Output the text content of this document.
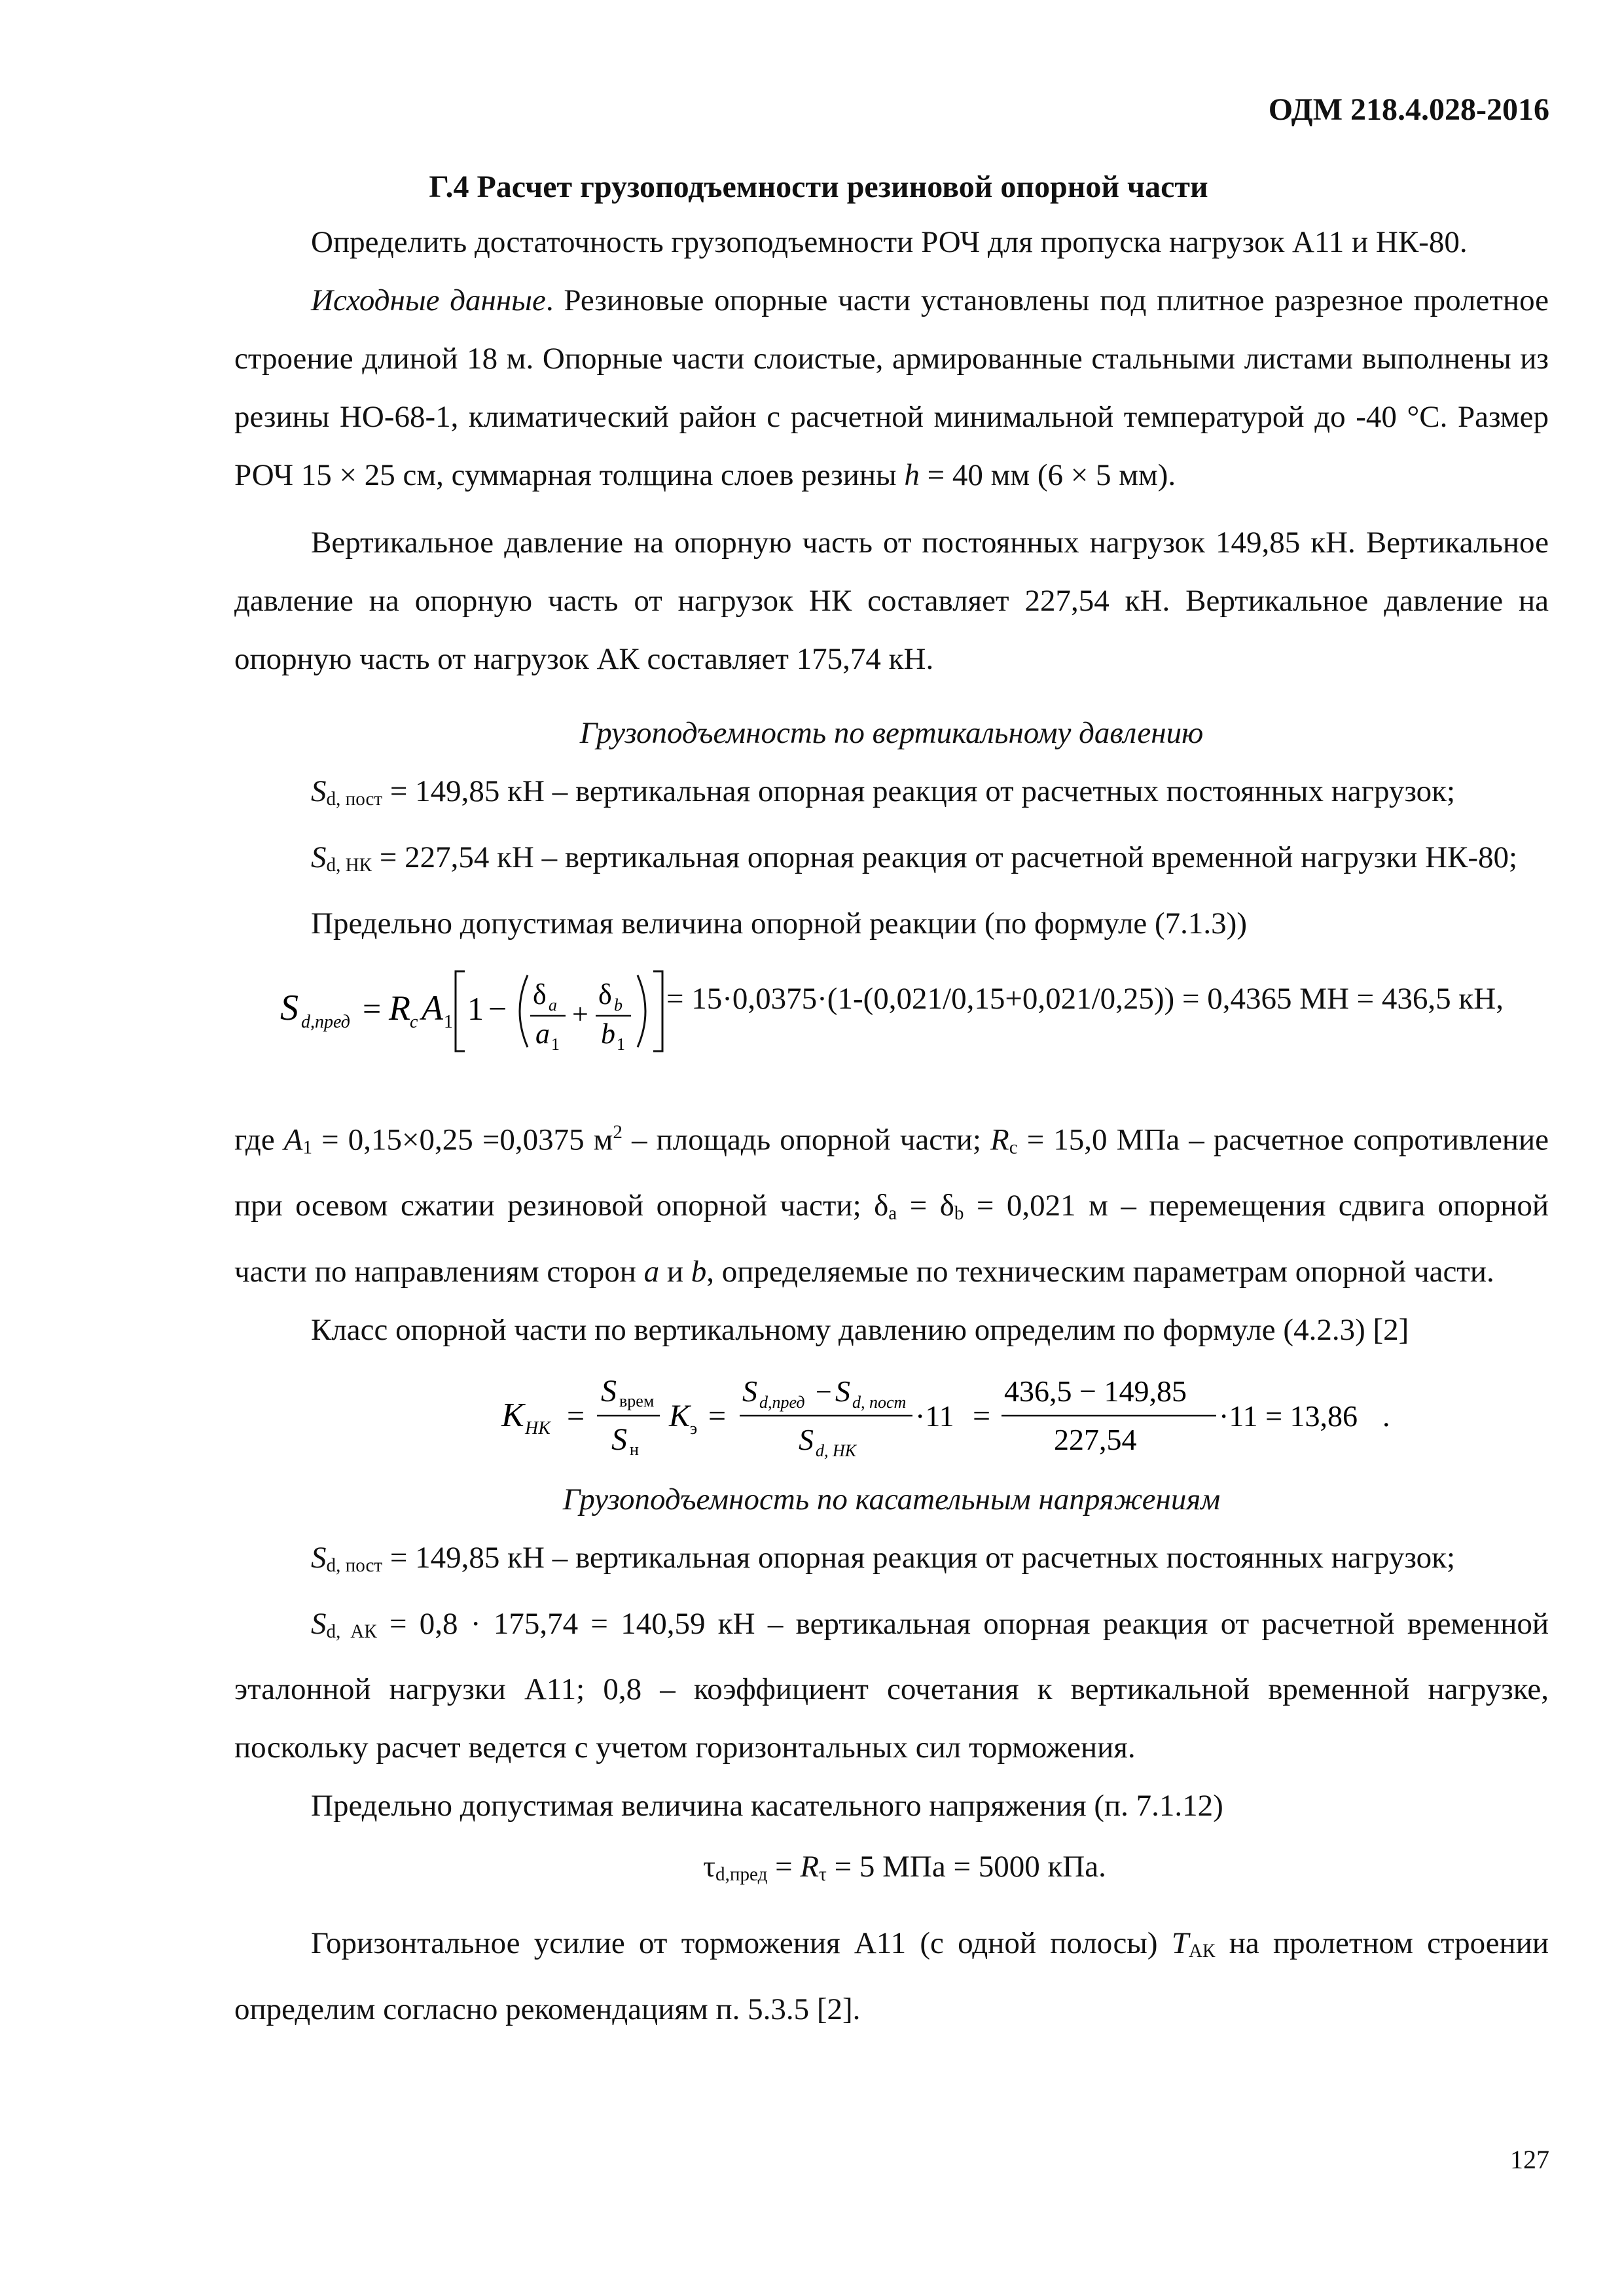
ОДМ 218.4.028-2016
Г.4 Расчет грузоподъемности резиновой опорной части

Определить достаточность грузоподъемности РОЧ для пропуска нагрузок А11 и НК-80.

Исходные данные. Резиновые опорные части установлены под плитное разрезное пролетное строение длиной 18 м. Опорные части слоистые, армированные стальными листами выполнены из резины НО-68-1, климатический район с расчетной минимальной температурой до -40 °С. Размер РОЧ 15 × 25 см, суммарная толщина слоев резины h = 40 мм (6 × 5 мм).

Вертикальное давление на опорную часть от постоянных нагрузок 149,85 кН. Вертикальное давление на опорную часть от нагрузок НК составляет 227,54 кН. Вертикальное давление на опорную часть от нагрузок АК составляет 175,74 кН.

Грузоподъемность по вертикальному давлению

Sd, пост = 149,85 кН – вертикальная опорная реакция от расчетных постоянных нагрузок;

Sd, НК = 227,54 кН – вертикальная опорная реакция от расчетной временной нагрузки НК-80;

Предельно допустимая величина опорной реакции (по формуле (7.1.3))

S d,пред = R c A 1 1 − δ a
a 1
+
δ b
b 1
= 15·0,0375·(1-(0,021/0,15+0,021/0,25)) = 0,4365 МН = 436,5 кН,

где A1 = 0,15×0,25 =0,0375 $м^2$ – площадь опорной части; Rc = 15,0 МПа – расчетное сопротивление при осевом сжатии резиновой опорной части; δa = δb = 0,021 м – перемещения сдвига опорной части по направлениям сторон a и b, определяемые по техническим параметрам опорной части.

Класс опорной части по вертикальному давлению определим по формуле (4.2.3) [2]

K НК =
S врем
S н
K э =
S d,пред − S d, пост
S d, НК
·11 =
436,5 − 149,85
227,54
·11 = 13,86 .

Грузоподъемность по касательным напряжениям

Sd, пост = 149,85 кН – вертикальная опорная реакция от расчетных постоянных нагрузок;

Sd, АК = 0,8 · 175,74 = 140,59 кН – вертикальная опорная реакция от расчетной временной эталонной нагрузки А11; 0,8 – коэффициент сочетания к вертикальной временной нагрузке, поскольку расчет ведется с учетом горизонтальных сил торможения.

Предельно допустимая величина касательного напряжения (п. 7.1.12)

τd,пред = Rτ = 5 МПа = 5000 кПа.

Горизонтальное усилие от торможения А11 (с одной полосы) TАК на пролетном строении определим согласно рекомендациям п. 5.3.5 [2].

127
